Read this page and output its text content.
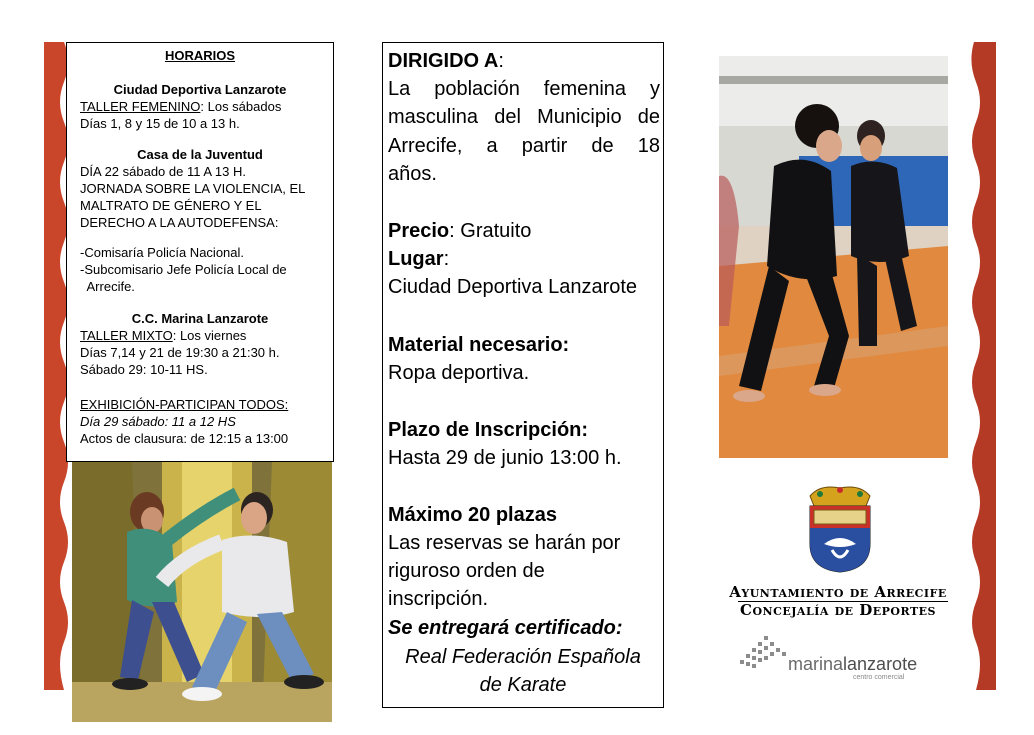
HORARIOS
Ciudad Deportiva Lanzarote
TALLER FEMENINO: Los sábados
Días 1, 8 y 15 de 10 a 13 h.
Casa de la Juventud
DÍA 22 sábado de 11 A 13 H.
JORNADA SOBRE LA VIOLENCIA, EL
MALTRATO DE GÉNERO Y EL
DERECHO A LA AUTODEFENSA:
-Comisaría Policía Nacional.
-Subcomisario Jefe Policía Local de
Arrecife.
C.C. Marina Lanzarote
TALLER MIXTO: Los viernes
Días 7,14 y 21 de 19:30 a 21:30 h.
Sábado 29: 10-11 HS.
EXHIBICIÓN-PARTICIPAN TODOS:
Día 29 sábado: 11 a 12 HS
Actos de clausura: de 12:15 a 13:00
DIRIGIDO A:
La población femenina y
masculina del Municipio de
Arrecife, a partir de 18
años.
Precio: Gratuito
Lugar:
Ciudad Deportiva Lanzarote
Material necesario:
Ropa deportiva.
Plazo de Inscripción:
Hasta 29 de junio 13:00 h.
Máximo 20 plazas
Las reservas se harán por
riguroso orden de
inscripción.
Se entregará certificado:
Real Federación Española
de Karate
Ayuntamiento de Arrecife
Concejalía de Deportes
marinalanzarote
centro comercial
